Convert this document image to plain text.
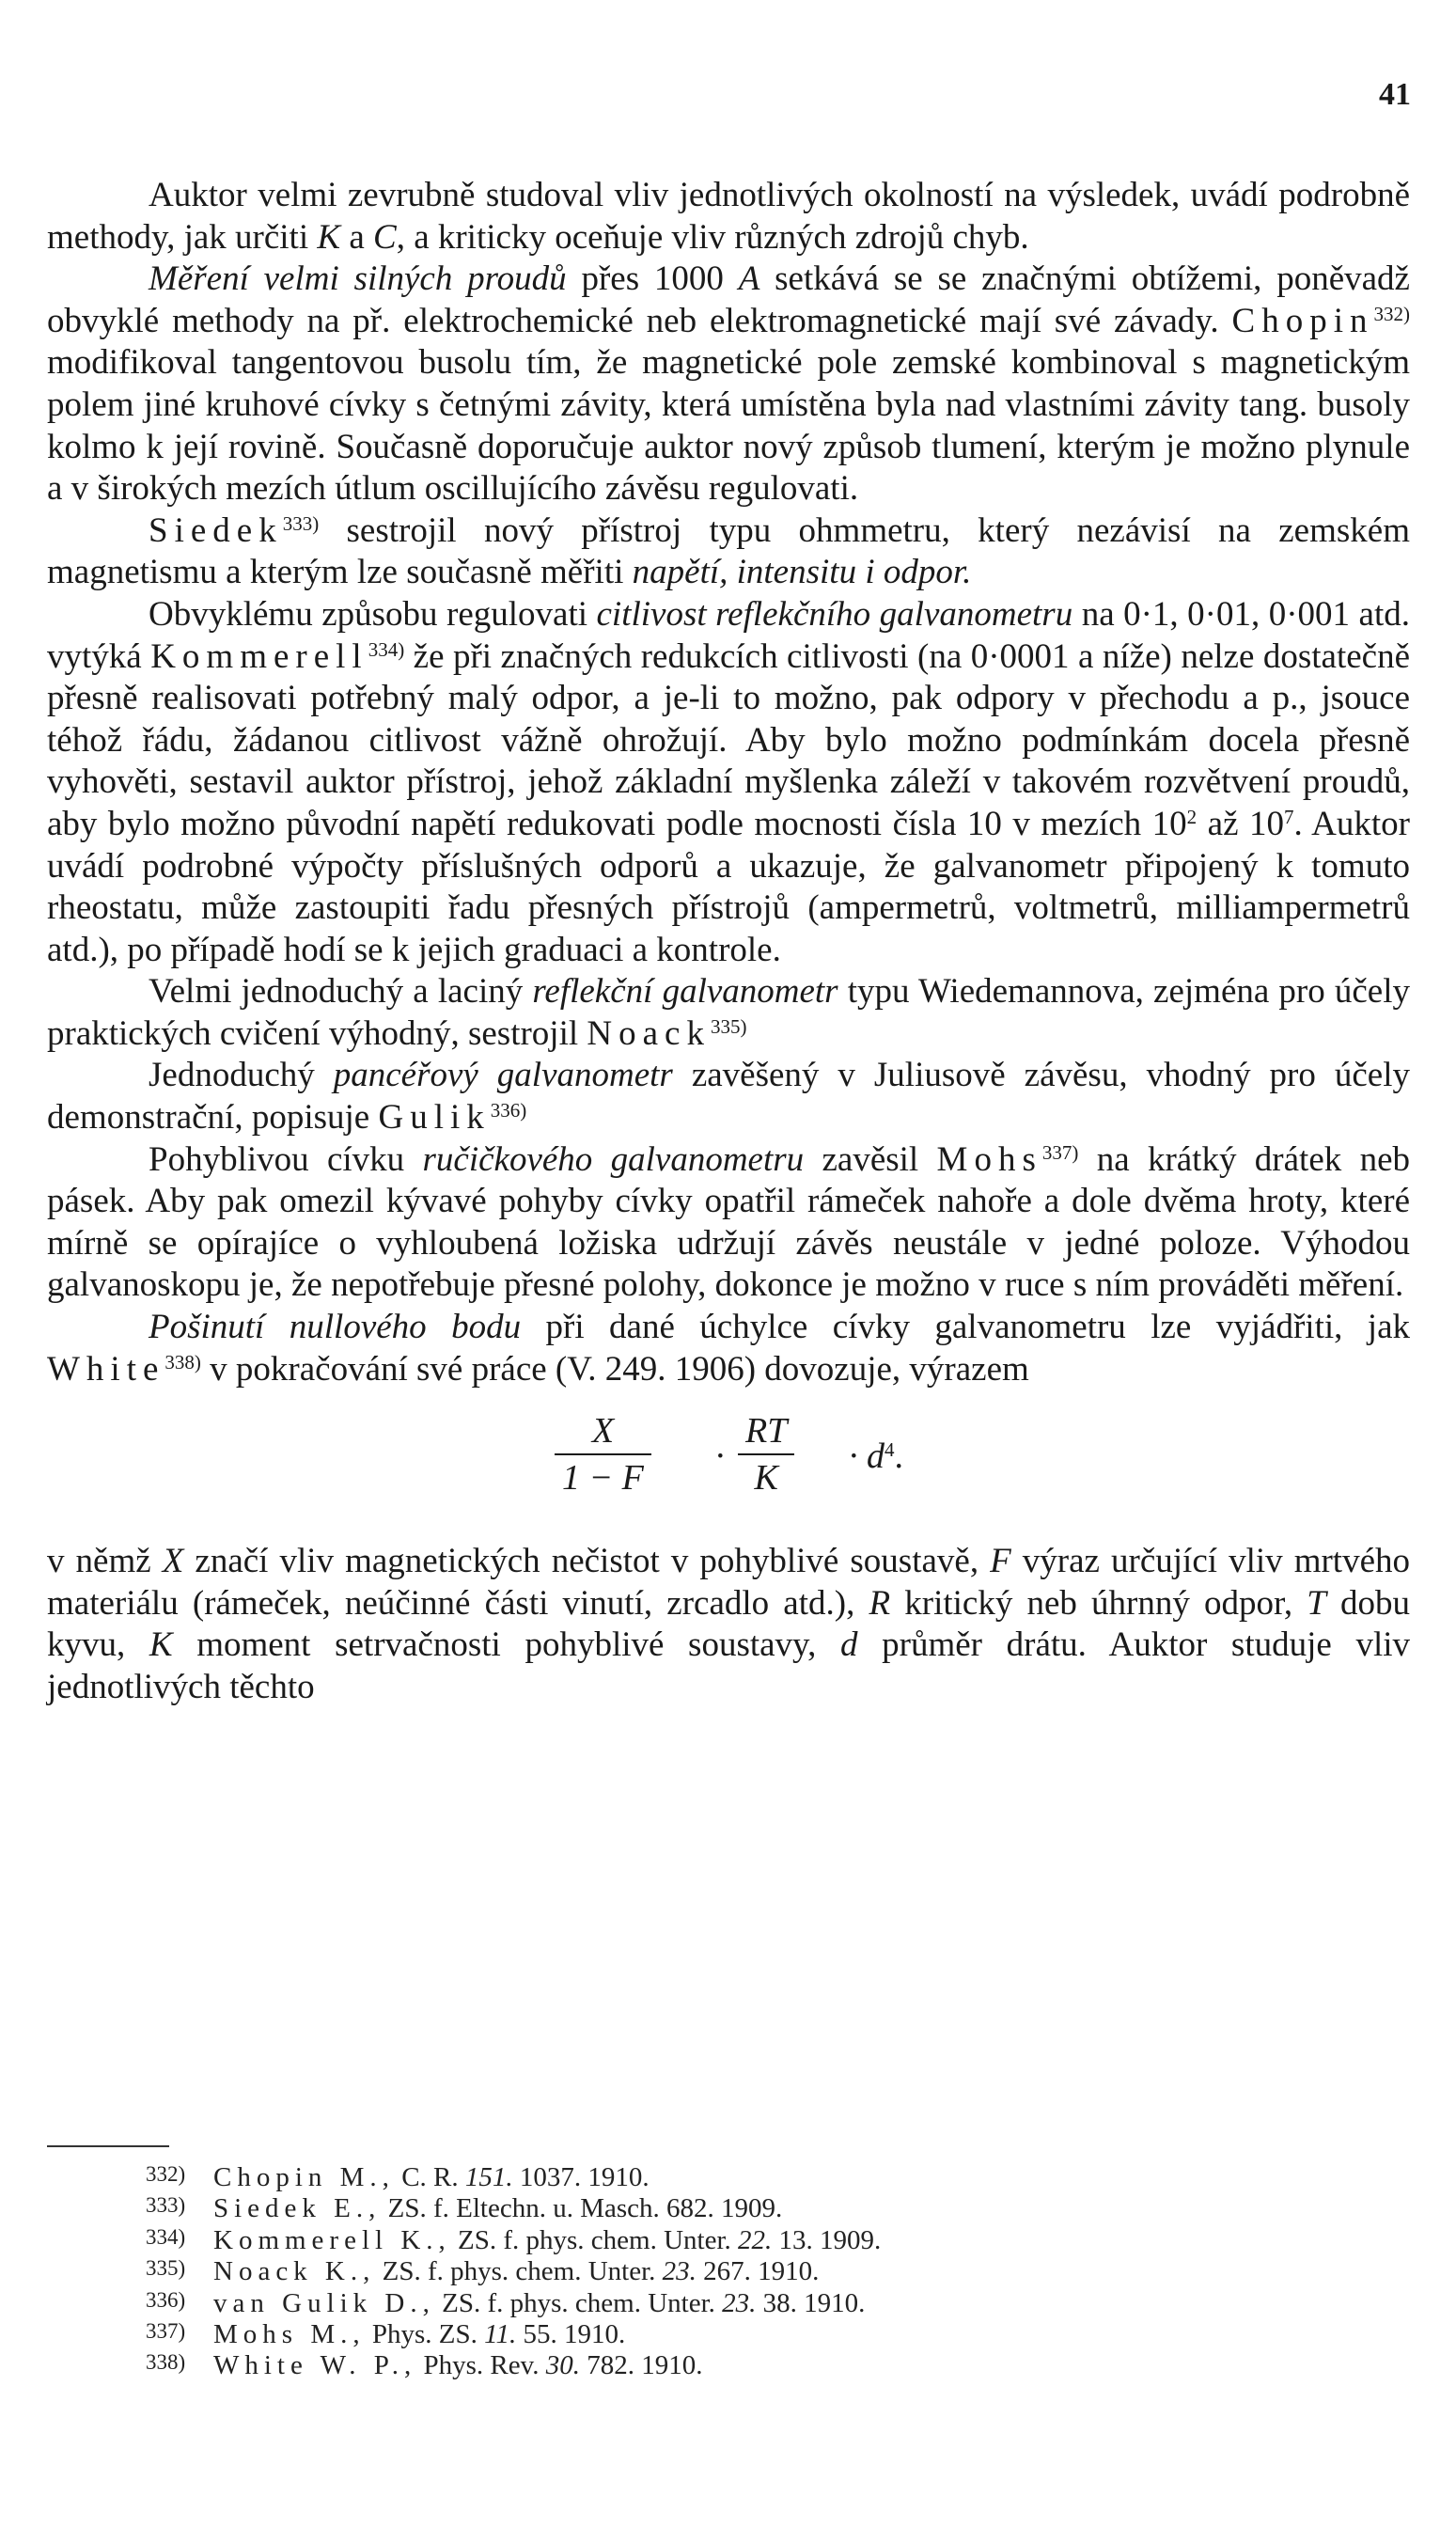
41

Auktor velmi zevrubně studoval vliv jednotlivých okolností na výsledek, uvádí podrobně methody, jak určiti K a C, a kriticky oceňuje vliv různých zdrojů chyb.

Měření velmi silných proudů přes 1000 A setkává se se značnými obtížemi, poněvadž obvyklé methody na př. elektrochemické neb elektromagnetické mají své závady. Chopin$^{332)}$ modifikoval tangentovou busolu tím, že magnetické pole zemské kombinoval s magnetickým polem jiné kruhové cívky s četnými závity, která umístěna byla nad vlastními závity tang. busoly kolmo k její rovině. Současně doporučuje auktor nový způsob tlumení, kterým je možno plynule a v širokých mezích útlum oscillujícího závěsu regulovati.

Siedek$^{333)}$ sestrojil nový přístroj typu ohmmetru, který nezávisí na zemském magnetismu a kterým lze současně měřiti napětí, intensitu i odpor.

Obvyklému způsobu regulovati citlivost reflekčního galvanometru na 0·1, 0·01, 0·001 atd. vytýká Kommerell$^{334)}$ že při značných redukcích citlivosti (na 0·0001 a níže) nelze dostatečně přesně realisovati potřebný malý odpor, a je-li to možno, pak odpory v přechodu a p., jsouce téhož řádu, žádanou citlivost vážně ohrožují. Aby bylo možno podmínkám docela přesně vyhověti, sestavil auktor přístroj, jehož základní myšlenka záleží v takovém rozvětvení proudů, aby bylo možno původní napětí redukovati podle mocnosti čísla 10 v mezích 10$^2$ až 10$^7$. Auktor uvádí podrobné výpočty příslušných odporů a ukazuje, že galvanometr připojený k tomuto rheostatu, může zastoupiti řadu přesných přístrojů (ampermetrů, voltmetrů, milliampermetrů atd.), po případě hodí se k jejich graduaci a kontrole.

Velmi jednoduchý a laciný reflekční galvanometr typu Wiedemannova, zejména pro účely praktických cvičení výhodný, sestrojil Noack$^{335)}$

Jednoduchý pancéřový galvanometr zavěšený v Juliusově závěsu, vhodný pro účely demonstrační, popisuje Gulik$^{336)}$

Pohyblivou cívku ručičkového galvanometru zavěsil Mohs$^{337)}$ na krátký drátek neb pásek. Aby pak omezil kývavé pohyby cívky opatřil rámeček nahoře a dole dvěma hroty, které mírně se opírajíce o vyhloubená ložiska udržují závěs neustále v jedné poloze. Výhodou galvanoskopu je, že nepotřebuje přesné polohy, dokonce je možno v ruce s ním prováděti měření.

Pošinutí nullového bodu při dané úchylce cívky galvanometru lze vyjádřiti, jak White$^{338)}$ v pokračování své práce (V. 249. 1906) dovozuje, výrazem

X
1 − F
·
RT
K
· d$^4$.

v němž X značí vliv magnetických nečistot v pohyblivé soustavě, F výraz určující vliv mrtvého materiálu (rámeček, neúčinné části vinutí, zrcadlo atd.), R kritický neb úhrnný odpor, T dobu kyvu, K moment setrvačnosti pohyblivé soustavy, d průměr drátu. Auktor studuje vliv jednotlivých těchto

332) Chopin M., C. R. 151. 1037. 1910.
333) Siedek E., ZS. f. Eltechn. u. Masch. 682. 1909.
334) Kommerell K., ZS. f. phys. chem. Unter. 22. 13. 1909.
335) Noack K., ZS. f. phys. chem. Unter. 23. 267. 1910.
336) van Gulik D., ZS. f. phys. chem. Unter. 23. 38. 1910.
337) Mohs M., Phys. ZS. 11. 55. 1910.
338) White W. P., Phys. Rev. 30. 782. 1910.
